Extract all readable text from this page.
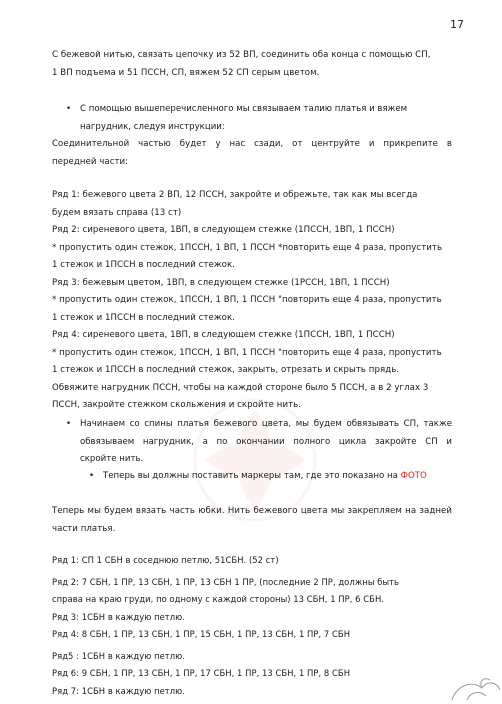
17
С бежевой нитью, связать цепочку из 52 ВП, соединить оба конца с помощью СП,
1 ВП подъема и 51 ПССН, СП, вяжем 52 СП серым цветом.
• С помощью вышеперечисленного мы связываем талию платья и вяжем
нагрудник, следуя инструкции:
Соединительной частью будет у нас сзади, от центруйте и прикрепите в
передней части:
Ряд 1: бежевого цвета 2 ВП, 12 ПССН, закройте и обрежьте, так как мы всегда
будем вязать справа (13 ст)
Ряд 2: сиреневого цвета, 1ВП, в следующем стежке (1ПССН, 1ВП, 1 ПССН)
* пропустить один стежок, 1ПССН, 1 ВП, 1 ПССН *повторить еще 4 раза, пропустить
1 стежок и 1ПССН в последний стежок.
Ряд 3: бежевым цветом, 1ВП, в следующем стежке (1РССН, 1ВП, 1 ПССН)
* пропустить один стежок, 1ПССН, 1 ВП, 1 ПССН "повторить еще 4 раза, пропустить
1 стежок и 1ПССН в последний стежок.
Ряд 4: сиреневого цвета, 1ВП, в следующем стежке (1ПССН, 1ВП, 1 ПССН)
* пропустить один стежок, 1ПССН, 1 ВП, 1 ПССН "повторить еще 4 раза, пропустить
1 стежок и 1ПССН в последний стежок, закрыть, отрезать и скрыть прядь.
Обвяжите нагрудник ПССН, чтобы на каждой стороне было 5 ПССН, а в 2 углах 3
ПССН, закройте стежком скольжения и скройте нить.
• Начинаем со спины платья бежевого цвета, мы будем обвязывать СП, также
обвязываем нагрудник, а по окончании полного цикла закройте СП и
скройте нить.
• Теперь вы должны поставить маркеры там, где это показано на ФОТО
Теперь мы будем вязать часть юбки. Нить бежевого цвета мы закрепляем на задней
части платья.
Ряд 1: СП 1 СБН в соседнюю петлю, 51СБН. (52 ст)
Ряд 2: 7 СБН, 1 ПР, 13 СБН, 1 ПР, 13 СБН 1 ПР, (последние 2 ПР, должны быть
справа на краю груди, по одному с каждой стороны) 13 СБН, 1 ПР, 6 СБН.
Ряд 3: 1СБН в каждую петлю.
Ряд 4: 8 СБН, 1 ПР, 13 СБН, 1 ПР, 15 СБН, 1 ПР, 13 СБН, 1 ПР, 7 СБН
Ряд5 : 1СБН в каждую петлю.
Ряд 6: 9 СБН, 1 ПР, 13 СБН, 1 ПР, 17 СБН, 1 ПР, 13 СБН, 1 ПР, 8 СБН
Ряд 7: 1СБН в каждую петлю.
